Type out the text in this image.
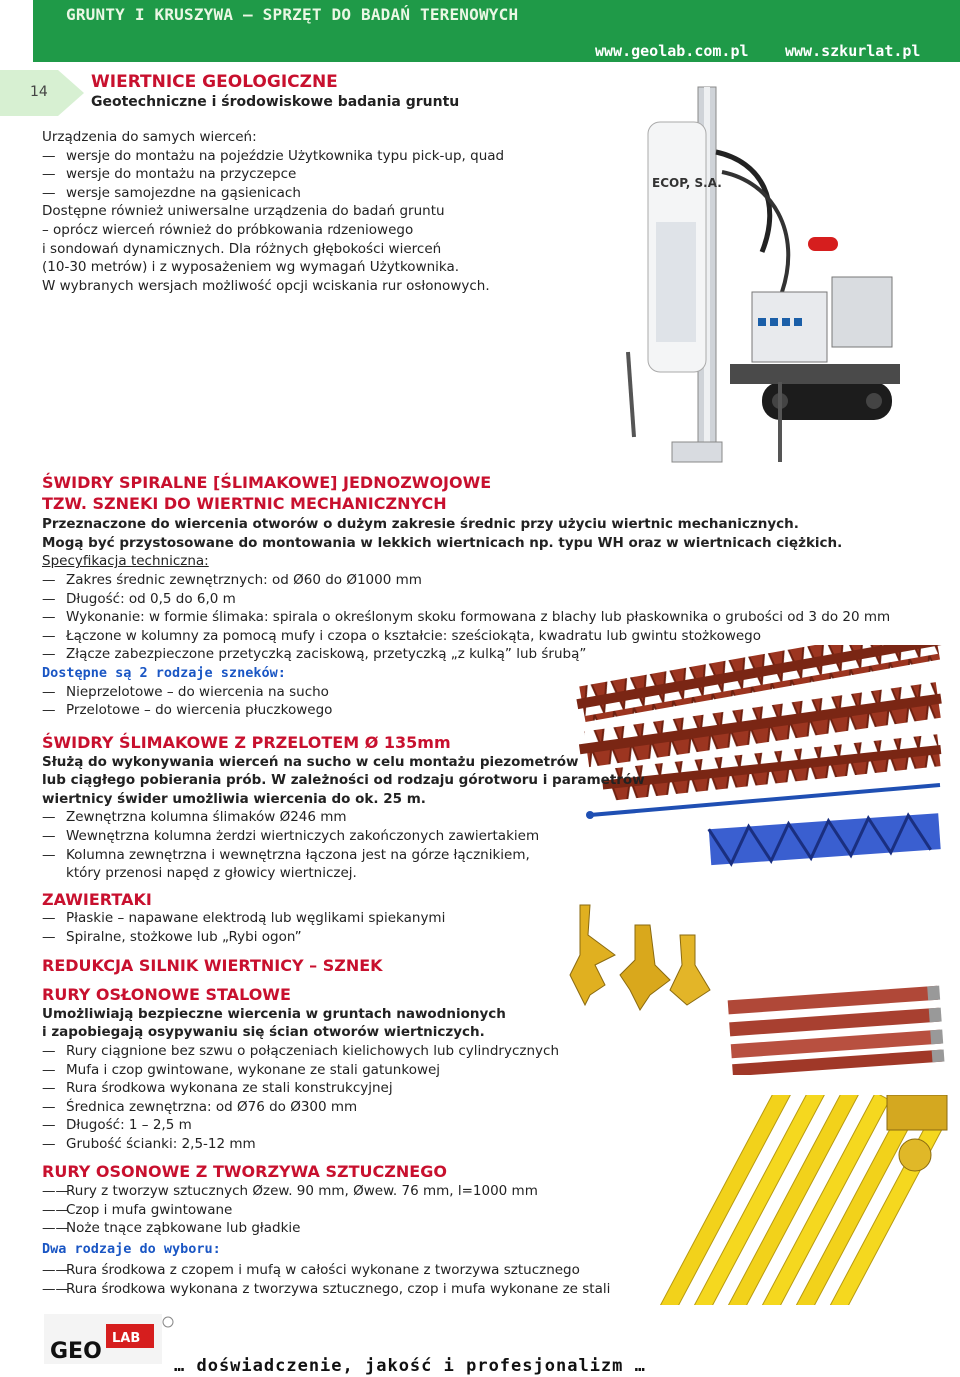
GRUNTY I KRUSZYWA – SPRZĘT DO BADAŃ TERENOWYCH
www.geolab.com.pl www.szkurlat.pl
14	WIERTNICE GEOLOGICZNE
Geotechniczne i środowiskowe badania gruntu

Urządzenia do samych wierceń:

— wersje do montażu na pojeździe Użytkownika typu pick-up, quad

— wersje do montażu na przyczepce

— wersje samojezdne na gąsienicach

Dostępne również uniwersalne urządzenia do badań gruntu

– oprócz wierceń również do próbkowania rdzeniowego

i sondowań dynamicznych. Dla różnych głębokości wierceń

(10-30 metrów) i z wyposażeniem wg wymagań Użytkownika.

W wybranych wersjach możliwość opcji wciskania rur osłonowych.

ECOP, S.A.

ŚWIDRY SPIRALNE [ŚLIMAKOWE] JEDNOZWOJOWE

TZW. SZNEKI DO WIERTNIC MECHANICZNYCH

Przeznaczone do wiercenia otworów o dużym zakresie średnic przy użyciu wiertnic mechanicznych.

Mogą być przystosowane do montowania w lekkich wiertnicach np. typu WH oraz w wiertnicach ciężkich.

Specyfikacja techniczna:

— Zakres średnic zewnętrznych: od Ø60 do Ø1000 mm

— Długość: od 0,5 do 6,0 m

— Wykonanie: w formie ślimaka: spirala o określonym skoku formowana z blachy lub płaskownika o grubości od 3 do 20 mm

— Łączone w kolumny za pomocą mufy i czopa o kształcie: sześciokąta, kwadratu lub gwintu stożkowego

— Złącze zabezpieczone przetyczką zaciskową, przetyczką „z kulką” lub śrubą”

Dostępne są 2 rodzaje szneków:

— Nieprzelotowe – do wiercenia na sucho

— Przelotowe – do wiercenia płuczkowego

ŚWIDRY ŚLIMAKOWE Z PRZELOTEM Ø 135mm

Służą do wykonywania wierceń na sucho w celu montażu piezometrów

lub ciągłego pobierania prób. W zależności od rodzaju górotworu i parametrów

wiertnicy świder umożliwia wiercenia do ok. 25 m.

— Zewnętrzna kolumna ślimaków Ø246 mm

— Wewnętrzna kolumna żerdzi wiertniczych zakończonych zawiertakiem

— Kolumna zewnętrzna i wewnętrzna łączona jest na górze łącznikiem,

który przenosi napęd z głowicy wiertniczej.

ZAWIERTAKI

— Płaskie – napawane elektrodą lub węglikami spiekanymi

— Spiralne, stożkowe lub „Rybi ogon”

REDUKCJA SILNIK WIERTNICY – SZNEK

RURY OSŁONOWE STALOWE

Umożliwiają bezpieczne wiercenia w gruntach nawodnionych

i zapobiegają osypywaniu się ścian otworów wiertniczych.

— Rury ciągnione bez szwu o połączeniach kielichowych lub cylindrycznych

— Mufa i czop gwintowane, wykonane ze stali gatunkowej

— Rura środkowa wykonana ze stali konstrukcyjnej

— Średnica zewnętrzna: od Ø76 do Ø300 mm

— Długość: 1 – 2,5 m

— Grubość ścianki: 2,5-12 mm

RURY OSONOWE Z TWORZYWA SZTUCZNEGO

——Rury z tworzyw sztucznych Øzew. 90 mm, Øwew. 76 mm, l=1000 mm

——Czop i mufa gwintowane

——Noże tnące ząbkowane lub gładkie

Dwa rodzaje do wyboru:

——Rura środkowa z czopem i mufą w całości wykonane z tworzywa sztucznego

——Rura środkowa wykonana z tworzywa sztucznego, czop i mufa wykonane ze stali

GEO
LAB
… doświadczenie, jakość i profesjonalizm …
